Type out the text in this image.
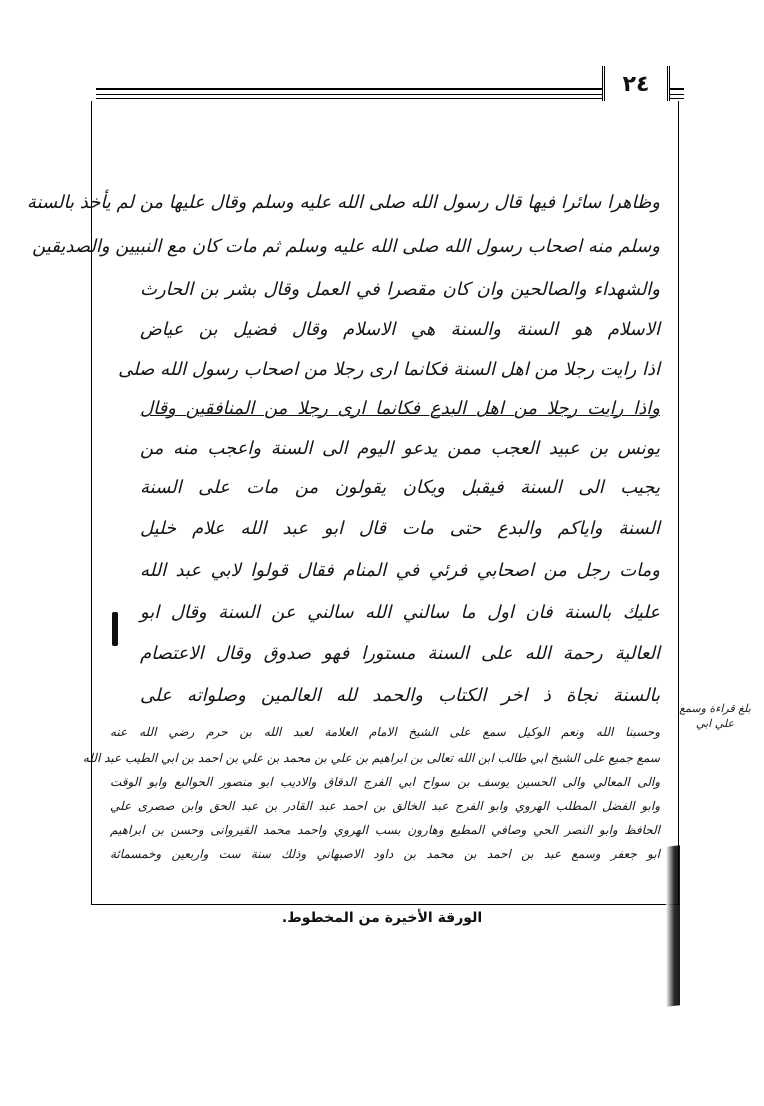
٢٤
وظاهرا سائرا فيها قال رسول الله صلى الله عليه وسلم وقال عليها من لم يأخذ بالسنة
وسلم منه اصحاب رسول الله صلى الله عليه وسلم ثم مات كان مع النبيين والصديقين
والشهداء والصالحين وان كان مقصرا في العمل وقال بشر بن الحارث
الاسلام هو السنة والسنة هي الاسلام وقال فضيل بن عياض
اذا رايت رجلا من اهل السنة فكانما ارى رجلا من اصحاب رسول الله صلى
واذا رايت رجلا من اهل البدع فكانما ارى رجلا من المنافقين وقال
يونس بن عبيد العجب ممن يدعو اليوم الى السنة واعجب منه من
يجيب الى السنة فيقبل ويكان يقولون من مات على السنة
السنة واياكم والبدع حتى مات قال ابو عبد الله علام خليل
ومات رجل من اصحابي فرئي في المنام فقال قولوا لابي عبد الله
عليك بالسنة فان اول ما سالني الله سالني عن السنة وقال ابو
العالية رحمة الله على السنة مستورا فهو صدوق وقال الاعتصام
بالسنة نجاة ذ اخر الكتاب والحمد لله العالمين وصلواته على
وحسبنا الله ونعم الوكيل سمع على الشيخ الامام العلامة لعبد الله بن حرم رضي الله عنه
سمع جميع على الشيخ ابي طالب ابن الله تعالى بن ابراهيم بن علي بن محمد بن علي بن احمد بن ابي الطيب عبد الله
والى المعالي والى الحسين يوسف بن سواح ابي الفرج الدقاق والاديب ابو منصور الحوالبع وابو الوقت
وابو الفضل المطلب الهروي وابو الفرج عبد الخالق بن احمد عبد القادر بن عبد الحق وابن صصرى علي
الحافظ وابو النصر الحي وصافي المطيع وهارون بسب الهروي واحمد محمد القيروانى وحسن بن ابراهيم
ابو جعفر وسمع عبد بن احمد بن محمد بن داود الاصبهاني وذلك سنة ست واربعين وخمسمائة
بلغ قراءة وسمع علي ابي
الورقة الأخيرة من المخطوط.
